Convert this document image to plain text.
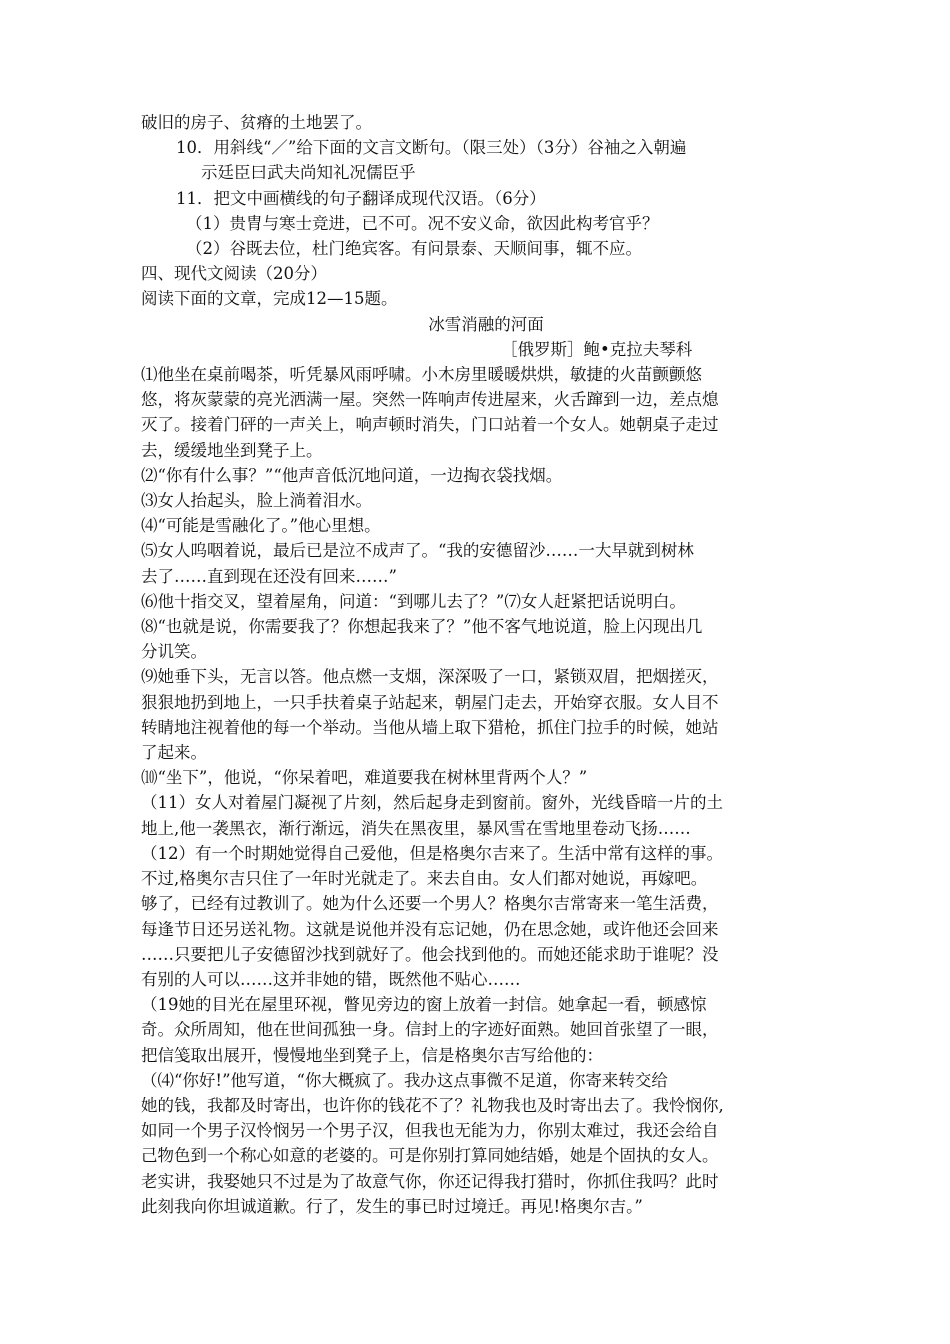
破旧的房子、贫瘠的土地罢了。
10．用斜线“／”给下面的文言文断句。（限三处）（3分）谷袖之入朝遍
示廷臣曰武夫尚知礼况儒臣乎
11．把文中画横线的句子翻译成现代汉语。（6分）
（1）贵胄与寒士竞进，已不可。况不安义命，欲因此构考官乎？
（2）谷既去位，杜门绝宾客。有问景泰、天顺间事，辄不应。
四、现代文阅读（20分）
阅读下面的文章，完成12—15题。
冰雪消融的河面
［俄罗斯］鲍•克拉夫琴科
⑴他坐在桌前喝茶，听凭暴风雨呼啸。小木房里暖暖烘烘，敏捷的火苗颤颤悠
悠，将灰蒙蒙的亮光洒满一屋。突然一阵响声传进屋来，火舌蹿到一边，差点熄
灭了。接着门砰的一声关上，响声顿时消失，门口站着一个女人。她朝桌子走过
去，缓缓地坐到凳子上。
⑵“你有什么事？”“他声音低沉地问道，一边掏衣袋找烟。
⑶女人抬起头，脸上淌着泪水。
⑷“可能是雪融化了。”他心里想。
⑸女人呜咽着说，最后已是泣不成声了。“我的安德留沙……一大早就到树林
去了……直到现在还没有回来……”
⑹他十指交叉，望着屋角，问道：“到哪儿去了？”⑺女人赶紧把话说明白。
⑻“也就是说，你需要我了？你想起我来了？”他不客气地说道，脸上闪现出几
分讥笑。
⑼她垂下头，无言以答。他点燃一支烟，深深吸了一口，紧锁双眉，把烟搓灭，
狠狠地扔到地上，一只手扶着桌子站起来，朝屋门走去，开始穿衣服。女人目不
转睛地注视着他的每一个举动。当他从墙上取下猎枪，抓住门拉手的时候，她站
了起来。
⑽“坐下”，他说，“你呆着吧，难道要我在树林里背两个人？”
（11）女人对着屋门凝视了片刻，然后起身走到窗前。窗外，光线昏暗一片的土
地上,他一袭黑衣，渐行渐远，消失在黑夜里，暴风雪在雪地里卷动飞扬……
（12）有一个时期她觉得自己爱他，但是格奥尔吉来了。生活中常有这样的事。
不过,格奥尔吉只住了一年时光就走了。来去自由。女人们都对她说，再嫁吧。
够了，已经有过教训了。她为什么还要一个男人？格奥尔吉常寄来一笔生活费，
每逢节日还另送礼物。这就是说他并没有忘记她，仍在思念她，或许他还会回来
……只要把儿子安德留沙找到就好了。他会找到他的。而她还能求助于谁呢？没
有别的人可以……这并非她的错，既然他不贴心……
（19她的目光在屋里环视，瞥见旁边的窗上放着一封信。她拿起一看，顿感惊
奇。众所周知，他在世间孤独一身。信封上的字迹好面熟。她回首张望了一眼，
把信笺取出展开，慢慢地坐到凳子上，信是格奥尔吉写给他的：
（⑷“你好!”他写道，“你大概疯了。我办这点事微不足道，你寄来转交给
她的钱，我都及时寄出，也许你的钱花不了？礼物我也及时寄出去了。我怜悯你,
如同一个男子汉怜悯另一个男子汉，但我也无能为力，你别太难过，我还会给自
己物色到一个称心如意的老婆的。可是你别打算同她结婚，她是个固执的女人。
老实讲，我娶她只不过是为了故意气你，你还记得我打猎时，你抓住我吗？此时
此刻我向你坦诚道歉。行了，发生的事已时过境迁。再见!格奥尔吉。”
